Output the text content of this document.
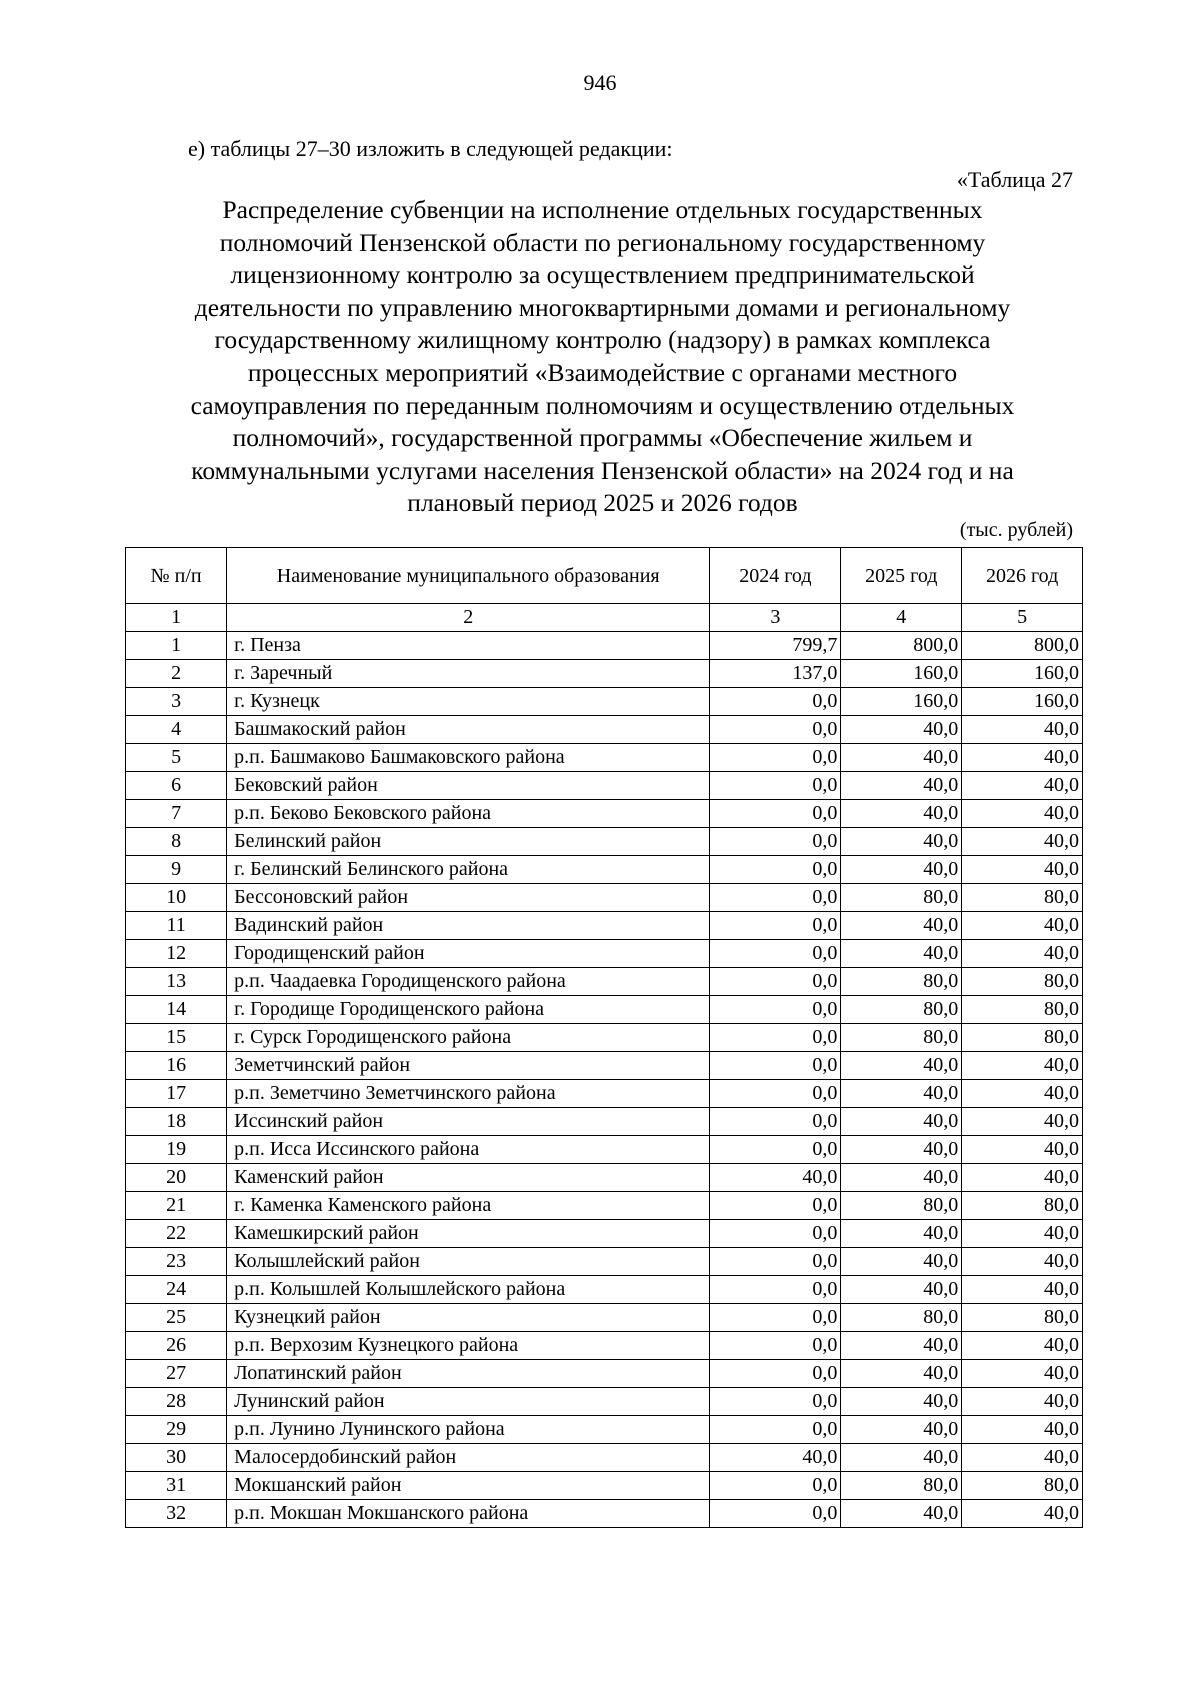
946
е) таблицы 27–30 изложить в следующей редакции:
«Таблица 27
Распределение субвенции на исполнение отдельных государственных
полномочий Пензенской области по региональному государственному
лицензионному контролю за осуществлением предпринимательской
деятельности по управлению многоквартирными домами и региональному
государственному жилищному контролю (надзору) в рамках комплекса
процессных мероприятий «Взаимодействие с органами местного
самоуправления по переданным полномочиям и осуществлению отдельных
полномочий», государственной программы «Обеспечение жильем и
коммунальными услугами населения Пензенской области» на 2024 год и на
плановый период 2025 и 2026 годов
(тыс. рублей)
№ п/п	Наименование муниципального образования	2024 год	2025 год	2026 год
1	2	3	4	5
1	г. Пенза	799,7	800,0	800,0
2	г. Заречный	137,0	160,0	160,0
3	г. Кузнецк	0,0	160,0	160,0
4	Башмакоский район	0,0	40,0	40,0
5	р.п. Башмаково Башмаковского района	0,0	40,0	40,0
6	Бековский район	0,0	40,0	40,0
7	р.п. Беково Бековского района	0,0	40,0	40,0
8	Белинский район	0,0	40,0	40,0
9	г. Белинский Белинского района	0,0	40,0	40,0
10	Бессоновский район	0,0	80,0	80,0
11	Вадинский район	0,0	40,0	40,0
12	Городищенский район	0,0	40,0	40,0
13	р.п. Чаадаевка Городищенского района	0,0	80,0	80,0
14	г. Городище Городищенского района	0,0	80,0	80,0
15	г. Сурск Городищенского района	0,0	80,0	80,0
16	Земетчинский район	0,0	40,0	40,0
17	р.п. Земетчино Земетчинского района	0,0	40,0	40,0
18	Иссинский район	0,0	40,0	40,0
19	р.п. Исса Иссинского района	0,0	40,0	40,0
20	Каменский район	40,0	40,0	40,0
21	г. Каменка Каменского района	0,0	80,0	80,0
22	Камешкирский район	0,0	40,0	40,0
23	Колышлейский район	0,0	40,0	40,0
24	р.п. Колышлей Колышлейского района	0,0	40,0	40,0
25	Кузнецкий район	0,0	80,0	80,0
26	р.п. Верхозим Кузнецкого района	0,0	40,0	40,0
27	Лопатинский район	0,0	40,0	40,0
28	Лунинский район	0,0	40,0	40,0
29	р.п. Лунино Лунинского района	0,0	40,0	40,0
30	Малосердобинский район	40,0	40,0	40,0
31	Мокшанский район	0,0	80,0	80,0
32	р.п. Мокшан Мокшанского района	0,0	40,0	40,0
